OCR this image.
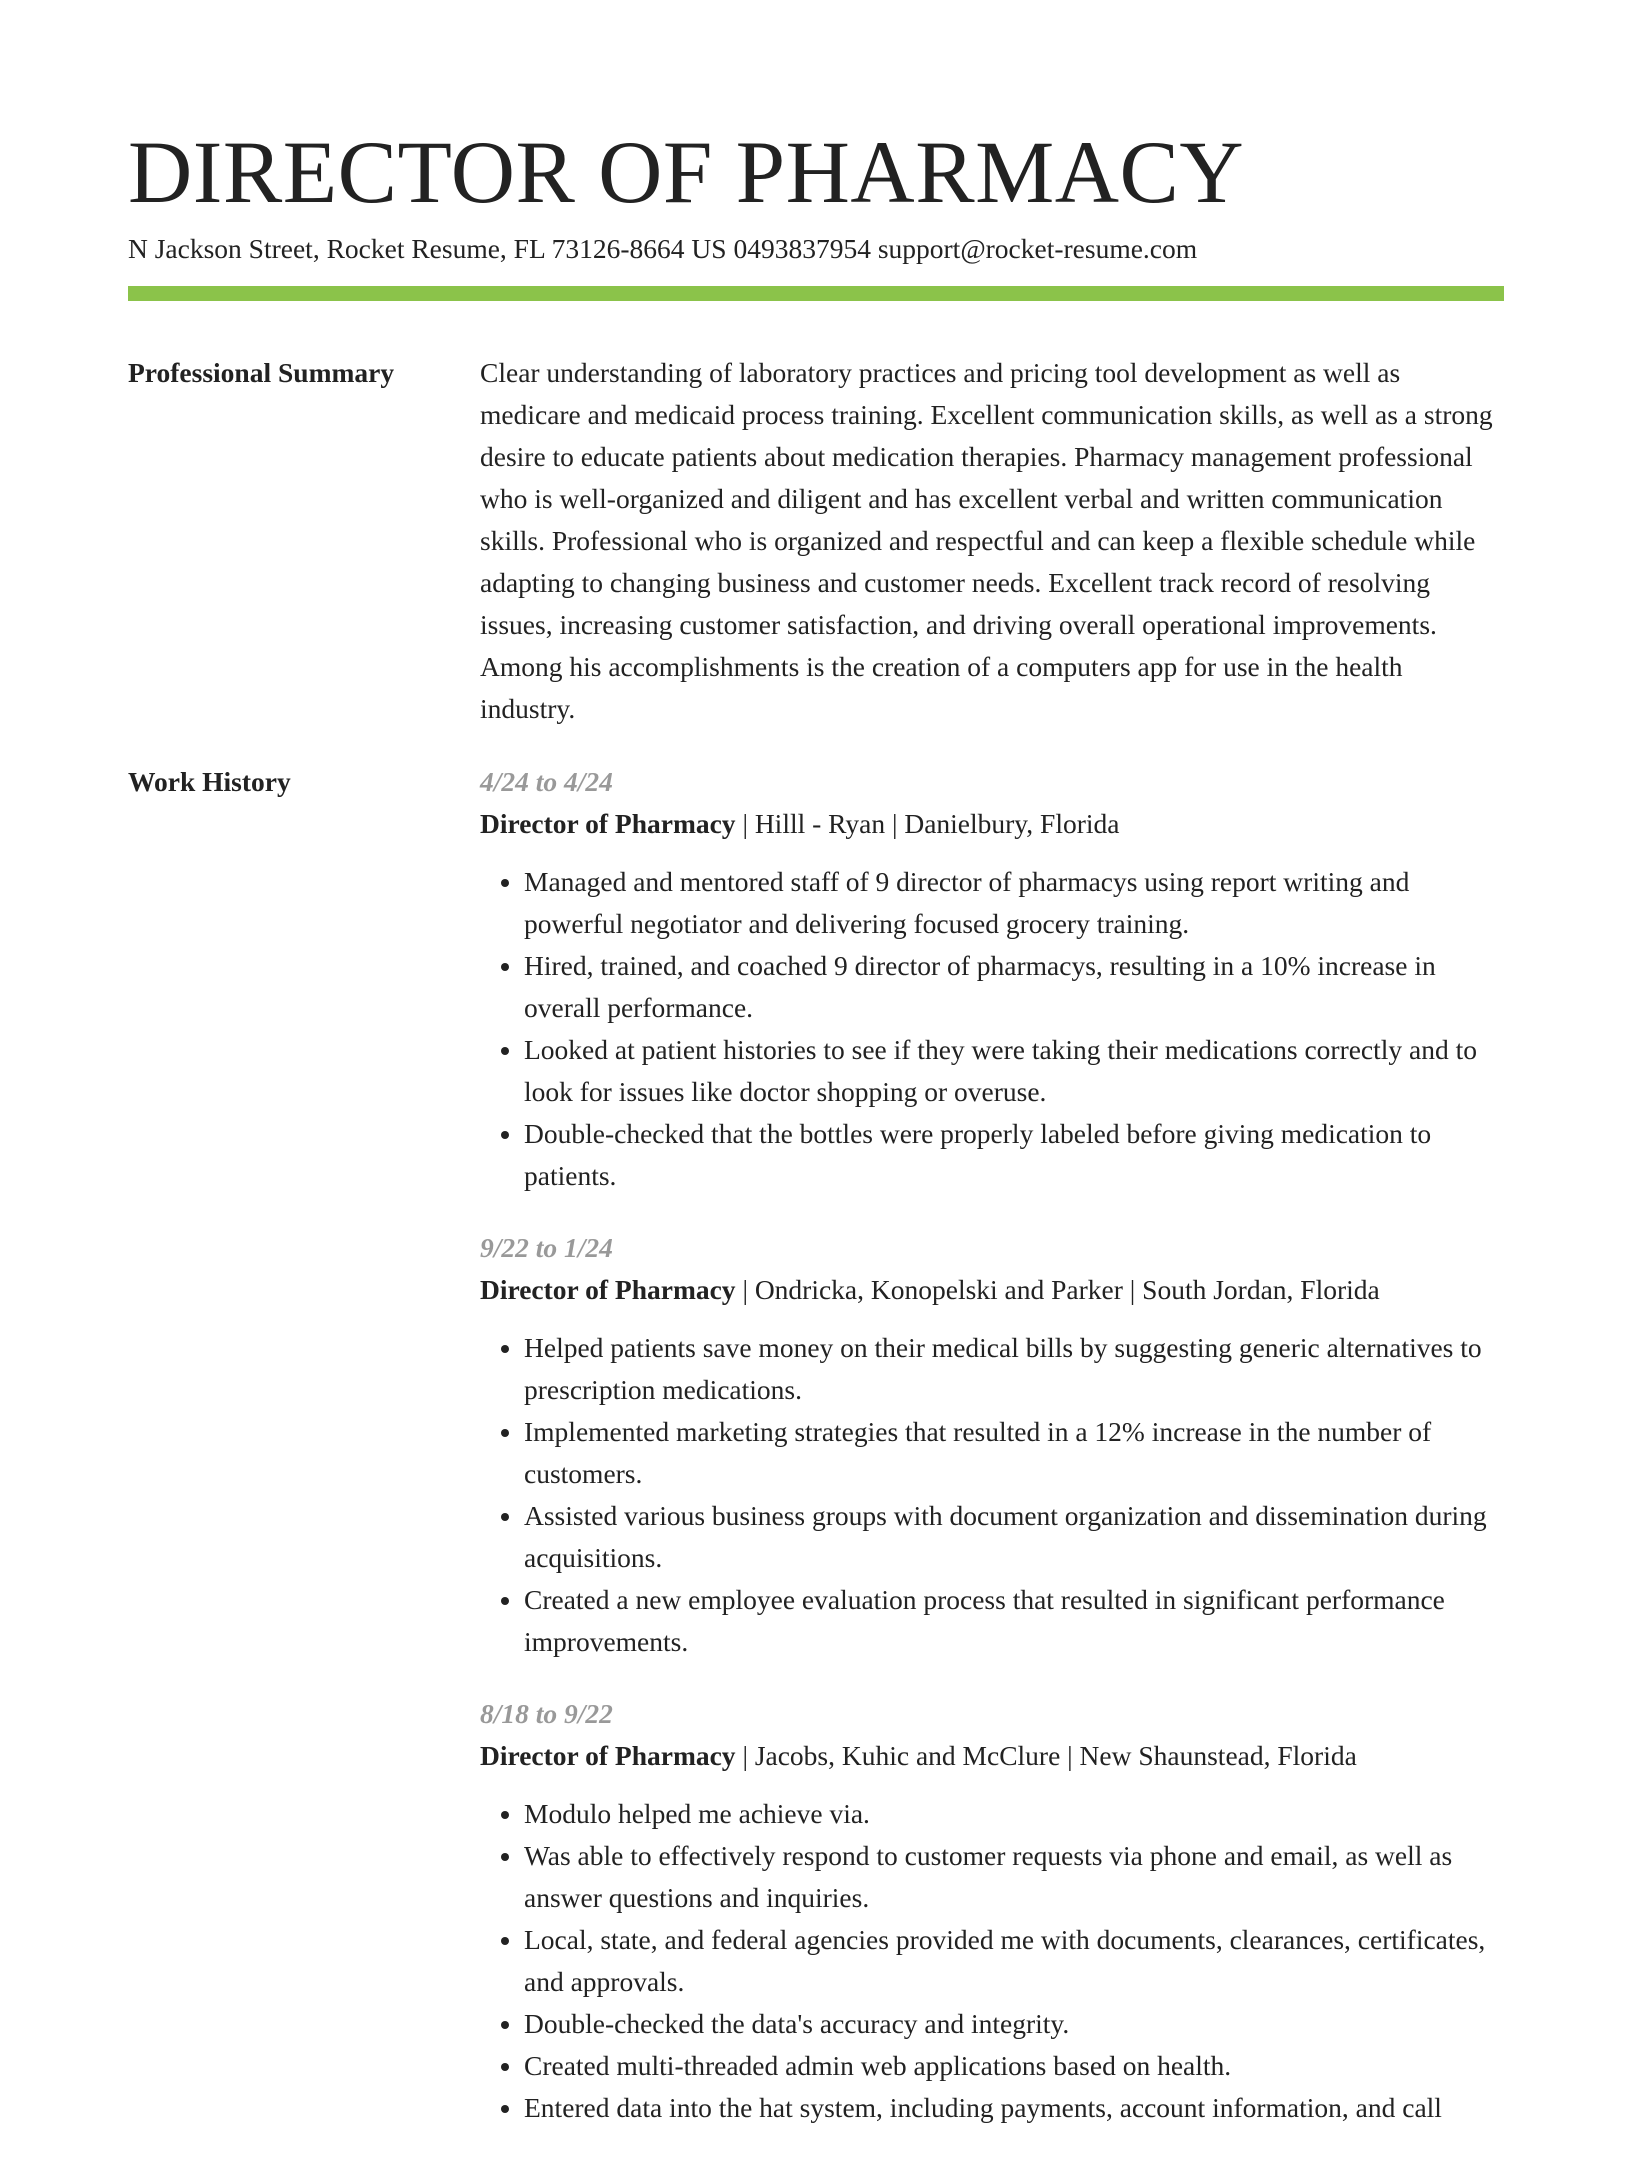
DIRECTOR OF PHARMACY
N Jackson Street, Rocket Resume, FL 73126-8664 US 0493837954 support@rocket-resume.com
Professional Summary	Clear understanding of laboratory practices and pricing tool development as well as medicare and medicaid process training. Excellent communication skills, as well as a strong desire to educate patients about medication therapies. Pharmacy management professional who is well-organized and diligent and has excellent verbal and written communication skills. Professional who is organized and respectful and can keep a flexible schedule while adapting to changing business and customer needs. Excellent track record of resolving issues, increasing customer satisfaction, and driving overall operational improvements. Among his accomplishments is the creation of a computers app for use in the health industry.

Work History	4/24 to 4/24
Director of Pharmacy | Hilll - Ryan | Danielbury, Florida
• Managed and mentored staff of 9 director of pharmacys using report writing and powerful negotiator and delivering focused grocery training.
• Hired, trained, and coached 9 director of pharmacys, resulting in a 10% increase in overall performance.
• Looked at patient histories to see if they were taking their medications correctly and to look for issues like doctor shopping or overuse.
• Double-checked that the bottles were properly labeled before giving medication to patients.
9/22 to 1/24
Director of Pharmacy | Ondricka, Konopelski and Parker | South Jordan, Florida
• Helped patients save money on their medical bills by suggesting generic alternatives to prescription medications.
• Implemented marketing strategies that resulted in a 12% increase in the number of customers.
• Assisted various business groups with document organization and dissemination during acquisitions.
• Created a new employee evaluation process that resulted in significant performance improvements.
8/18 to 9/22
Director of Pharmacy | Jacobs, Kuhic and McClure | New Shaunstead, Florida
• Modulo helped me achieve via.
• Was able to effectively respond to customer requests via phone and email, as well as answer questions and inquiries.
• Local, state, and federal agencies provided me with documents, clearances, certificates, and approvals.
• Double-checked the data's accuracy and integrity.
• Created multi-threaded admin web applications based on health.
• Entered data into the hat system, including payments, account information, and call
